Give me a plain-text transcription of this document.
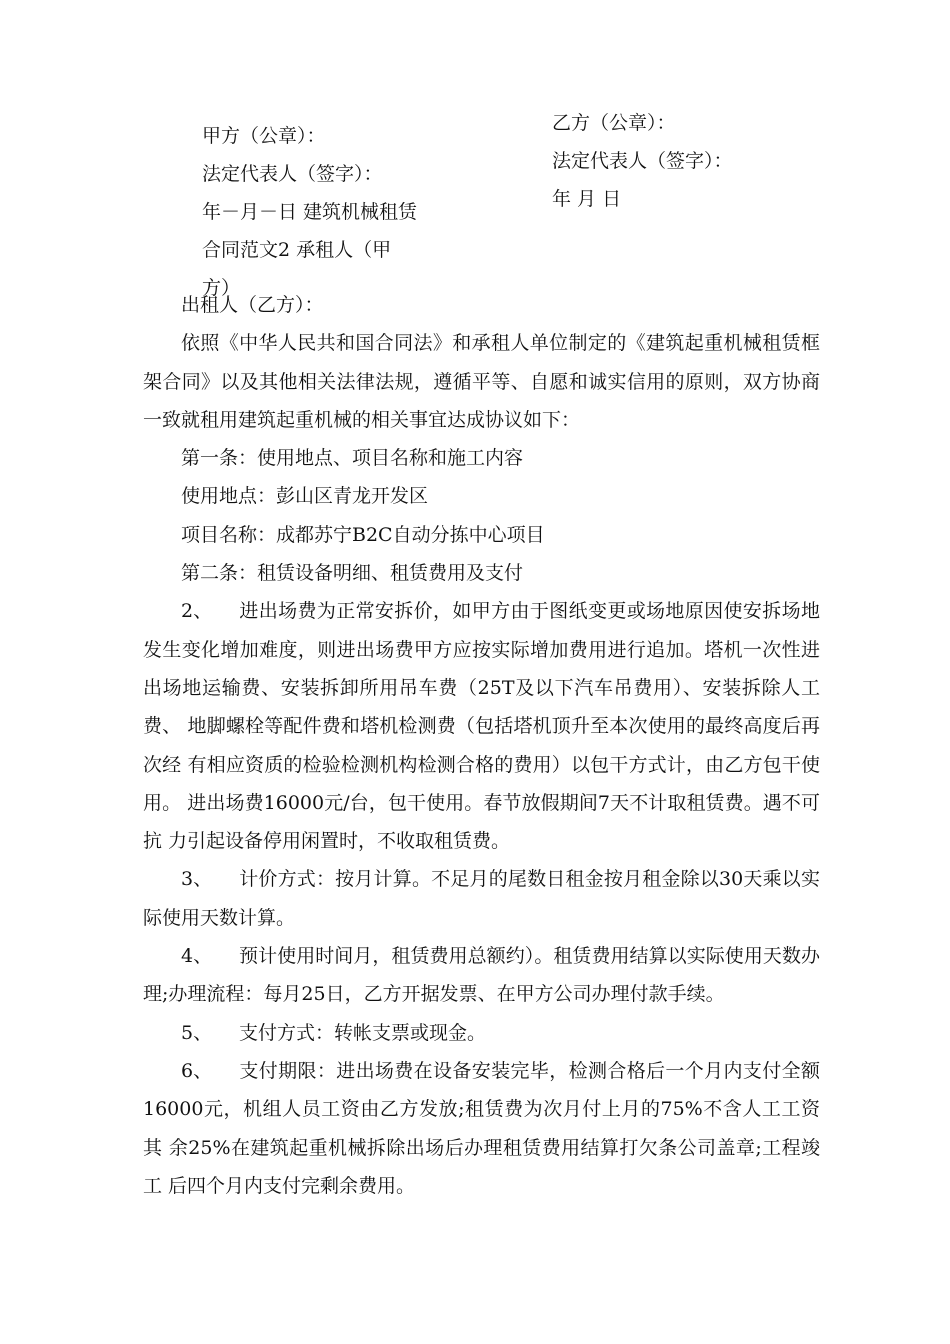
甲方（公章）：
法定代表人（签字）：
年－月－日 建筑机械租赁
合同范文2 承租人（甲
方）
乙方（公章）：
法定代表人（签字）：
年 月 日

出租人（乙方）：

依照《中华人民共和国合同法》和承租人单位制定的《建筑起重机械租赁框架合同》以及其他相关法律法规，遵循平等、自愿和诚实信用的原则，双方协商一致就租用建筑起重机械的相关事宜达成协议如下：

第一条：使用地点、项目名称和施工内容

使用地点：彭山区青龙开发区

项目名称：成都苏宁B2C自动分拣中心项目

第二条：租赁设备明细、租赁费用及支付

2、 进出场费为正常安拆价，如甲方由于图纸变更或场地原因使安拆场地 发生变化增加难度，则进出场费甲方应按实际增加费用进行追加。塔机一次性进 出场地运输费、安装拆卸所用吊车费（25T及以下汽车吊费用）、安装拆除人工费、 地脚螺栓等配件费和塔机检测费（包括塔机顶升至本次使用的最终高度后再次经 有相应资质的检验检测机构检测合格的费用）以包干方式计，由乙方包干使用。 进出场费16000元/台，包干使用。春节放假期间7天不计取租赁费。遇不可抗 力引起设备停用闲置时，不收取租赁费。

3、 计价方式：按月计算。不足月的尾数日租金按月租金除以30天乘以实 际使用天数计算。

4、 预计使用时间月，租赁费用总额约）。租赁费用结算以实际使用天数办 理;办理流程：每月25日，乙方开据发票、在甲方公司办理付款手续。

5、 支付方式：转帐支票或现金。

6、 支付期限：进出场费在设备安装完毕，检测合格后一个月内支付全额 16000元，机组人员工资由乙方发放;租赁费为次月付上月的75%不含人工工资其 余25%在建筑起重机械拆除出场后办理租赁费用结算打欠条公司盖章;工程竣工 后四个月内支付完剩余费用。
